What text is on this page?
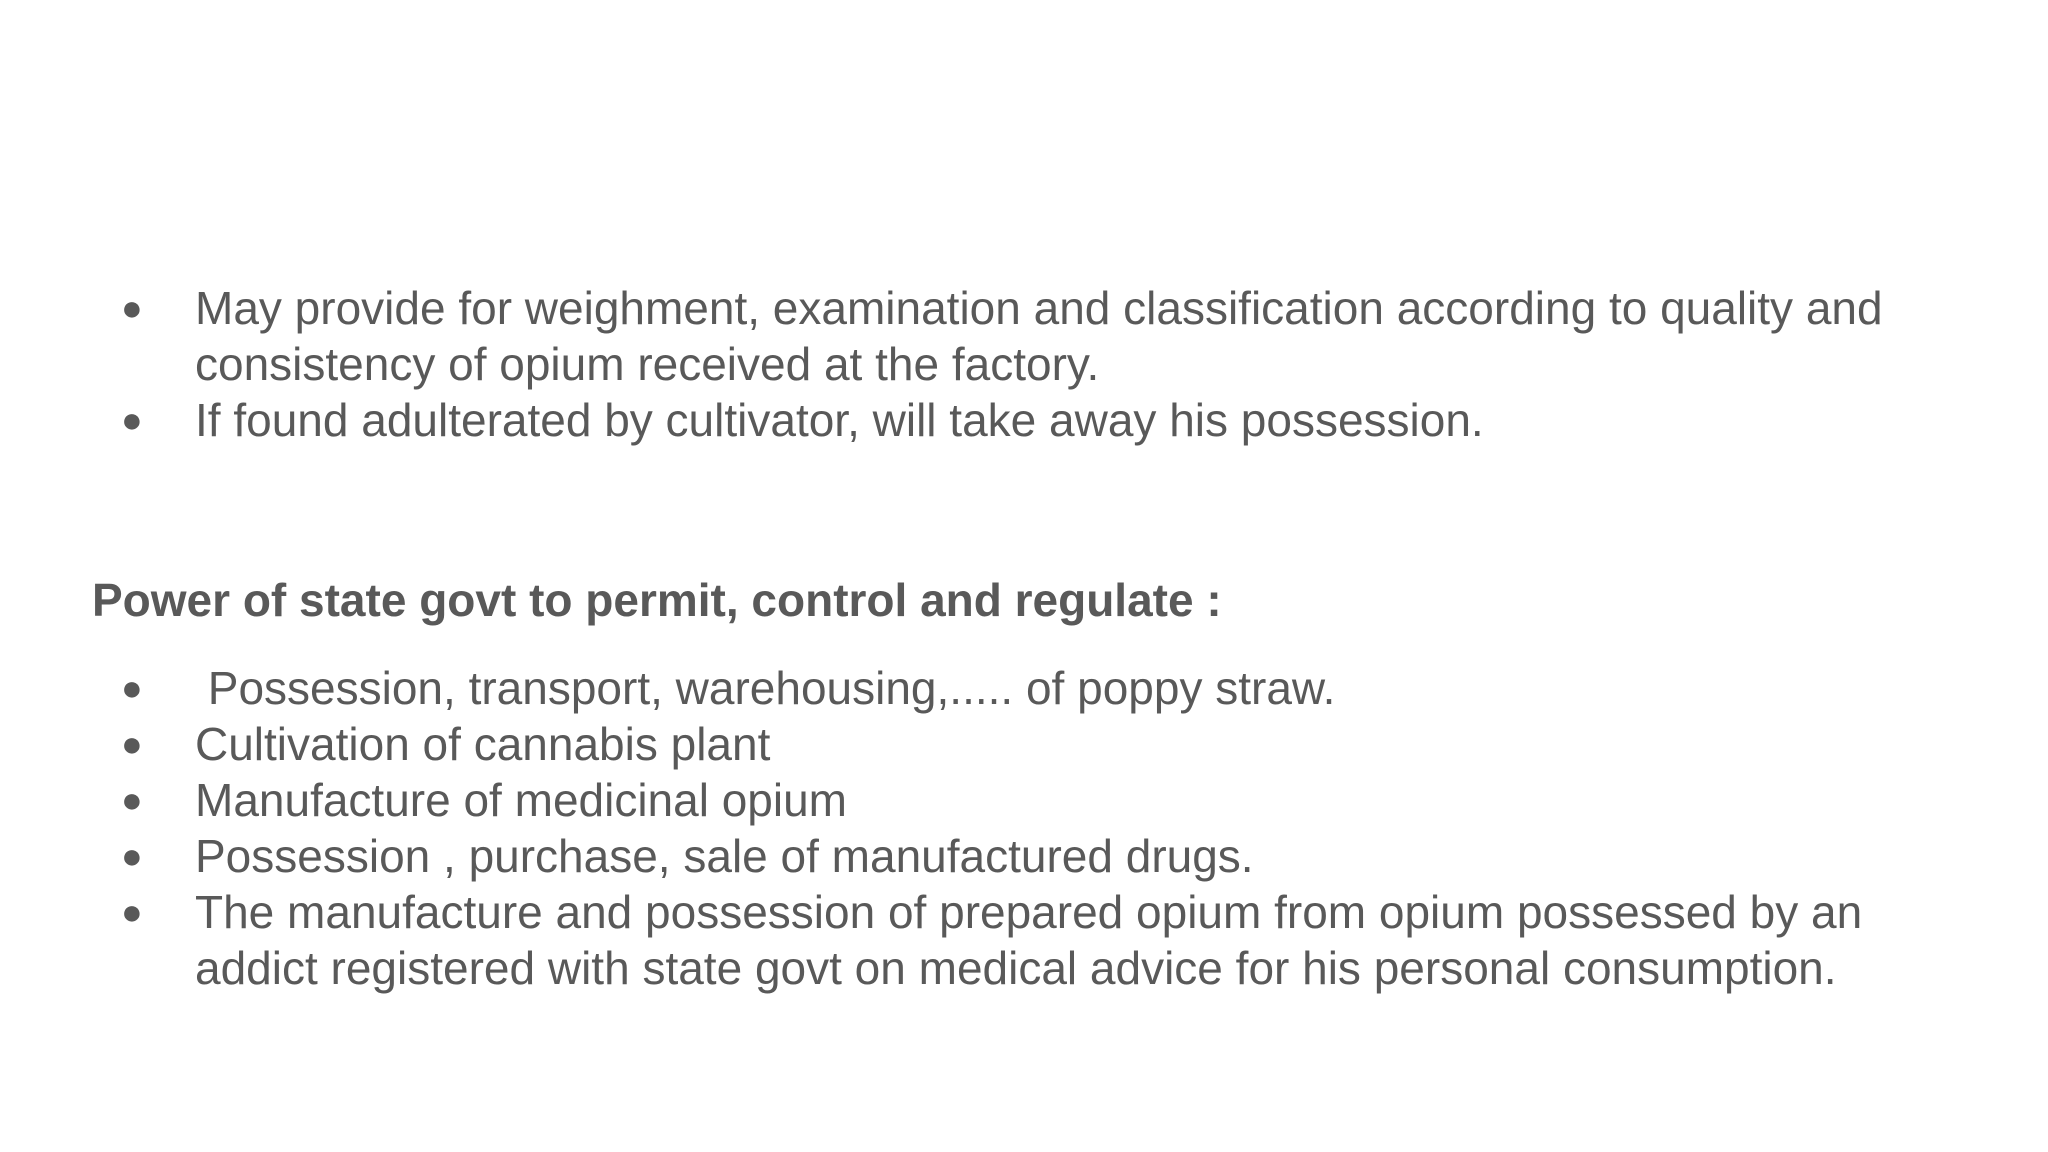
● May provide for weighment, examination and classification according to quality and consistency of opium received at the factory.
● If found adulterated by cultivator, will take away his possession.
Power of state govt to permit, control and regulate :
● Possession, transport, warehousing,..... of poppy straw.
● Cultivation of cannabis plant
● Manufacture of medicinal opium
● Possession , purchase, sale of manufactured drugs.
● The manufacture and possession of prepared opium from opium possessed by an addict registered with state govt on medical advice for his personal consumption.
